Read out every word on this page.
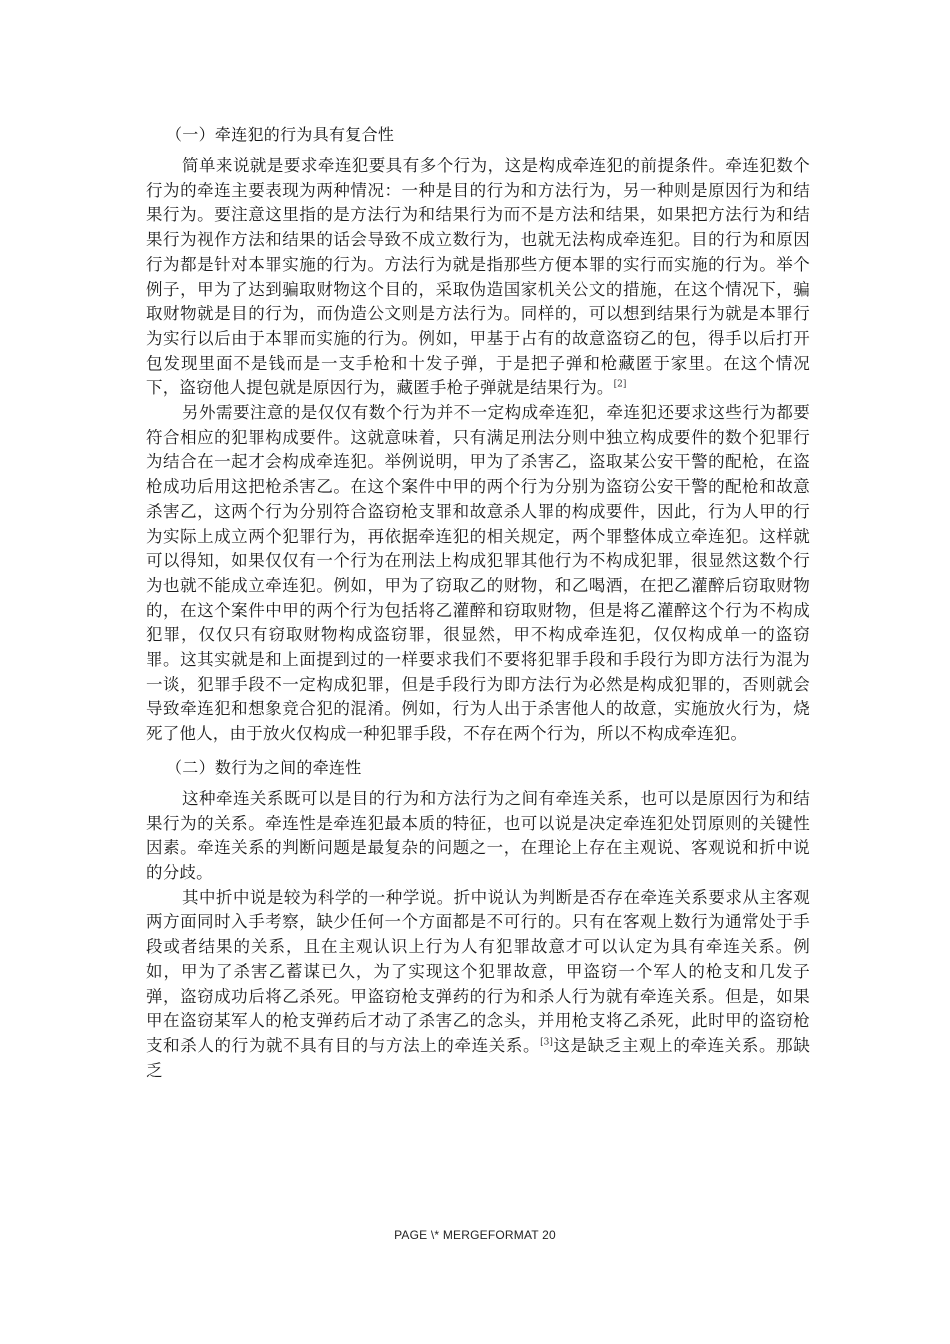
（一）牵连犯的行为具有复合性

简单来说就是要求牵连犯要具有多个行为，这是构成牵连犯的前提条件。牵连犯数个行为的牵连主要表现为两种情况：一种是目的行为和方法行为，另一种则是原因行为和结果行为。要注意这里指的是方法行为和结果行为而不是方法和结果，如果把方法行为和结果行为视作方法和结果的话会导致不成立数行为，也就无法构成牵连犯。目的行为和原因行为都是针对本罪实施的行为。方法行为就是指那些方便本罪的实行而实施的行为。举个例子，甲为了达到骗取财物这个目的，采取伪造国家机关公文的措施，在这个情况下，骗取财物就是目的行为，而伪造公文则是方法行为。同样的，可以想到结果行为就是本罪行为实行以后由于本罪而实施的行为。例如，甲基于占有的故意盗窃乙的包，得手以后打开包发现里面不是钱而是一支手枪和十发子弹，于是把子弹和枪藏匿于家里。在这个情况下，盗窃他人提包就是原因行为，藏匿手枪子弹就是结果行为。[2]

另外需要注意的是仅仅有数个行为并不一定构成牵连犯，牵连犯还要求这些行为都要符合相应的犯罪构成要件。这就意味着，只有满足刑法分则中独立构成要件的数个犯罪行为结合在一起才会构成牵连犯。举例说明，甲为了杀害乙，盗取某公安干警的配枪，在盗枪成功后用这把枪杀害乙。在这个案件中甲的两个行为分别为盗窃公安干警的配枪和故意杀害乙，这两个行为分别符合盗窃枪支罪和故意杀人罪的构成要件，因此，行为人甲的行为实际上成立两个犯罪行为，再依据牵连犯的相关规定，两个罪整体成立牵连犯。这样就可以得知，如果仅仅有一个行为在刑法上构成犯罪其他行为不构成犯罪，很显然这数个行为也就不能成立牵连犯。例如，甲为了窃取乙的财物，和乙喝酒，在把乙灌醉后窃取财物的，在这个案件中甲的两个行为包括将乙灌醉和窃取财物，但是将乙灌醉这个行为不构成犯罪，仅仅只有窃取财物构成盗窃罪，很显然，甲不构成牵连犯，仅仅构成单一的盗窃罪。这其实就是和上面提到过的一样要求我们不要将犯罪手段和手段行为即方法行为混为一谈，犯罪手段不一定构成犯罪，但是手段行为即方法行为必然是构成犯罪的，否则就会导致牵连犯和想象竞合犯的混淆。例如，行为人出于杀害他人的故意，实施放火行为，烧死了他人，由于放火仅构成一种犯罪手段，不存在两个行为，所以不构成牵连犯。

（二）数行为之间的牵连性

这种牵连关系既可以是目的行为和方法行为之间有牵连关系，也可以是原因行为和结果行为的关系。牵连性是牵连犯最本质的特征，也可以说是决定牵连犯处罚原则的关键性因素。牵连关系的判断问题是最复杂的问题之一，在理论上存在主观说、客观说和折中说的分歧。

其中折中说是较为科学的一种学说。折中说认为判断是否存在牵连关系要求从主客观两方面同时入手考察，缺少任何一个方面都是不可行的。只有在客观上数行为通常处于手段或者结果的关系，且在主观认识上行为人有犯罪故意才可以认定为具有牵连关系。例如，甲为了杀害乙蓄谋已久，为了实现这个犯罪故意，甲盗窃一个军人的枪支和几发子弹，盗窃成功后将乙杀死。甲盗窃枪支弹药的行为和杀人行为就有牵连关系。但是，如果甲在盗窃某军人的枪支弹药后才动了杀害乙的念头，并用枪支将乙杀死，此时甲的盗窃枪支和杀人的行为就不具有目的与方法上的牵连关系。[3]这是缺乏主观上的牵连关系。那缺乏

PAGE \* MERGEFORMAT 20
